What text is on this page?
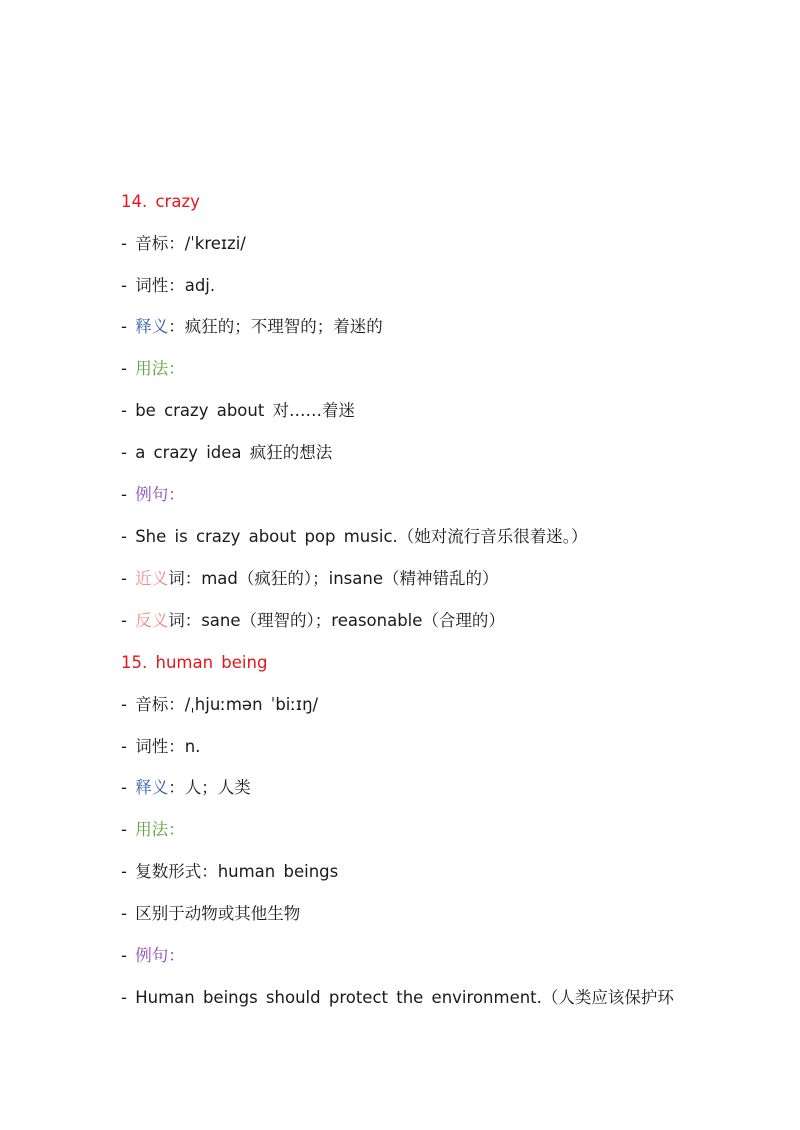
14. crazy
- 音标：/ˈkreɪzi/
- 词性：adj.
- 释义：疯狂的；不理智的；着迷的
- 用法：
- be crazy about 对……着迷
- a crazy idea 疯狂的想法
- 例句：
- She is crazy about pop music.（她对流行音乐很着迷。）
- 近义词：mad（疯狂的）；insane（精神错乱的）
- 反义词：sane（理智的）；reasonable（合理的）
15. human being
- 音标：/ˌhjuːmən ˈbiːɪŋ/
- 词性：n.
- 释义：人；人类
- 用法：
- 复数形式：human beings
- 区别于动物或其他生物
- 例句：
- Human beings should protect the environment.（人类应该保护环
